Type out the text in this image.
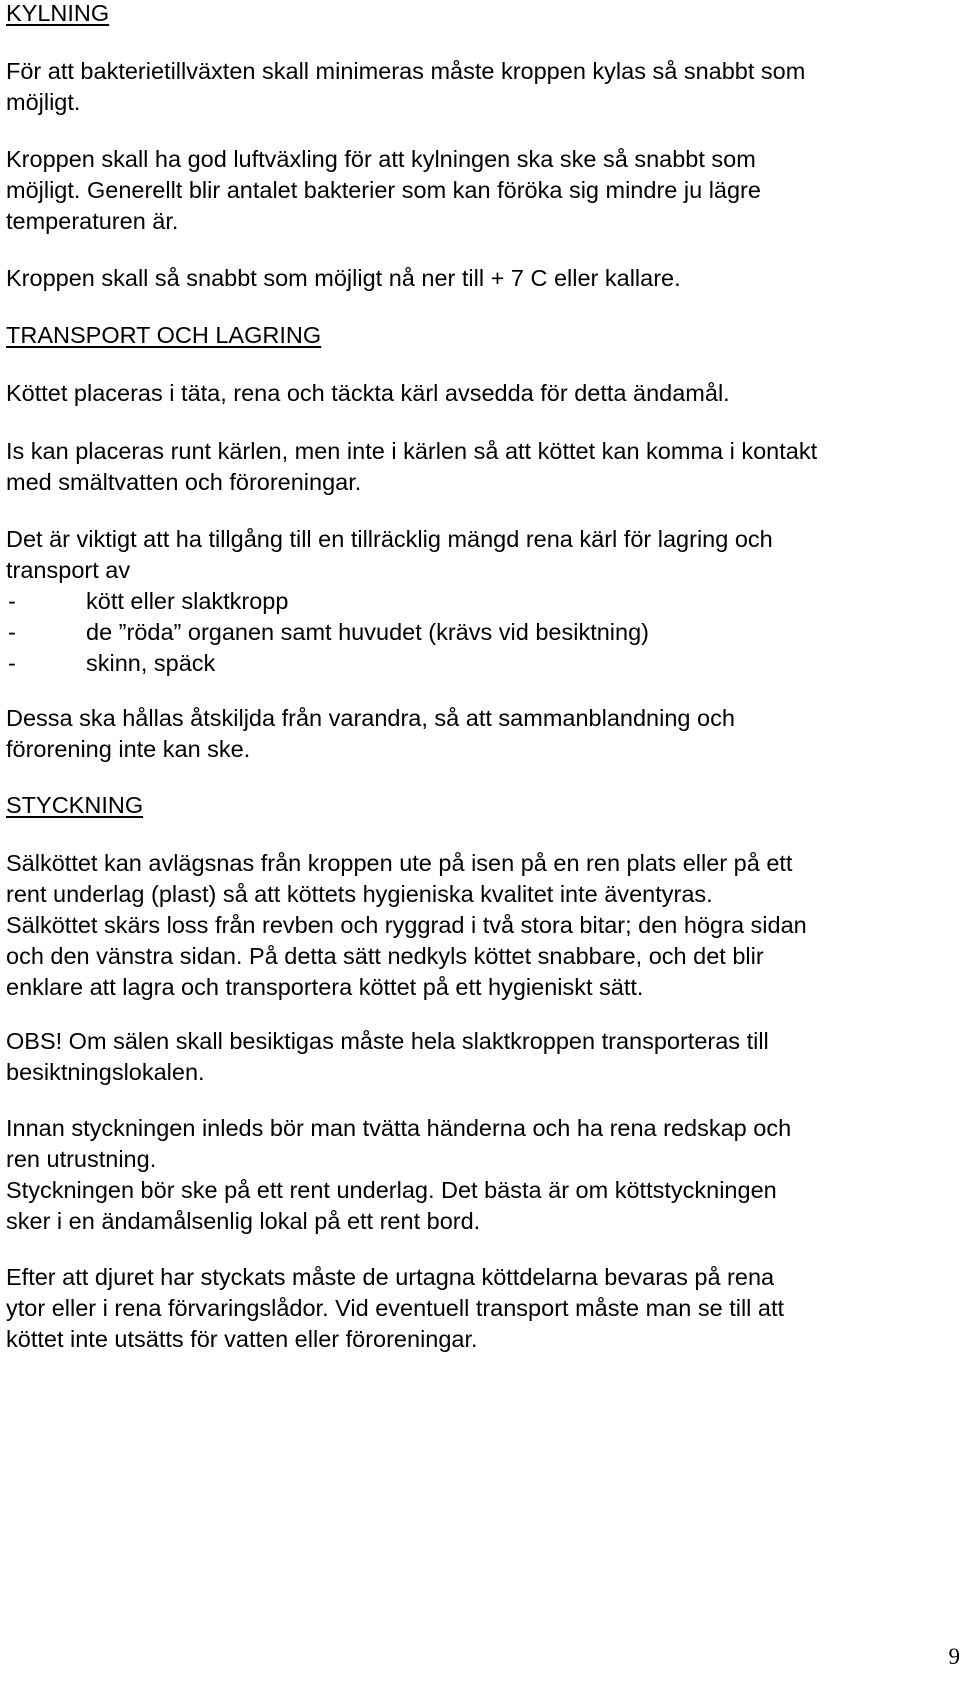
KYLNING

För att bakterietillväxten skall minimeras måste kroppen kylas så snabbt som

möjligt.

Kroppen skall ha god luftväxling för att kylningen ska ske så snabbt som

möjligt. Generellt blir antalet bakterier som kan föröka sig mindre ju lägre

temperaturen är.

Kroppen skall så snabbt som möjligt nå ner till + 7 C eller kallare.

TRANSPORT OCH LAGRING

Köttet placeras i täta, rena och täckta kärl avsedda för detta ändamål.

Is kan placeras runt kärlen, men inte i kärlen så att köttet kan komma i kontakt

med smältvatten och föroreningar.

Det är viktigt att ha tillgång till en tillräcklig mängd rena kärl för lagring och

transport av

-	kött eller slaktkropp
-	de ”röda” organen samt huvudet (krävs vid besiktning)
-	skinn, späck

Dessa ska hållas åtskiljda från varandra, så att sammanblandning och

förorening inte kan ske.

STYCKNING

Sälköttet kan avlägsnas från kroppen ute på isen på en ren plats eller på ett

rent underlag (plast) så att köttets hygieniska kvalitet inte äventyras.

Sälköttet skärs loss från revben och ryggrad i två stora bitar; den högra sidan

och den vänstra sidan. På detta sätt nedkyls köttet snabbare, och det blir

enklare att lagra och transportera köttet på ett hygieniskt sätt.

OBS! Om sälen skall besiktigas måste hela slaktkroppen transporteras till

besiktningslokalen.

Innan styckningen inleds bör man tvätta händerna och ha rena redskap och

ren utrustning.

Styckningen bör ske på ett rent underlag. Det bästa är om köttstyckningen

sker i en ändamålsenlig lokal på ett rent bord.

Efter att djuret har styckats måste de urtagna köttdelarna bevaras på rena

ytor eller i rena förvaringslådor. Vid eventuell transport måste man se till att

köttet inte utsätts för vatten eller föroreningar.

9
